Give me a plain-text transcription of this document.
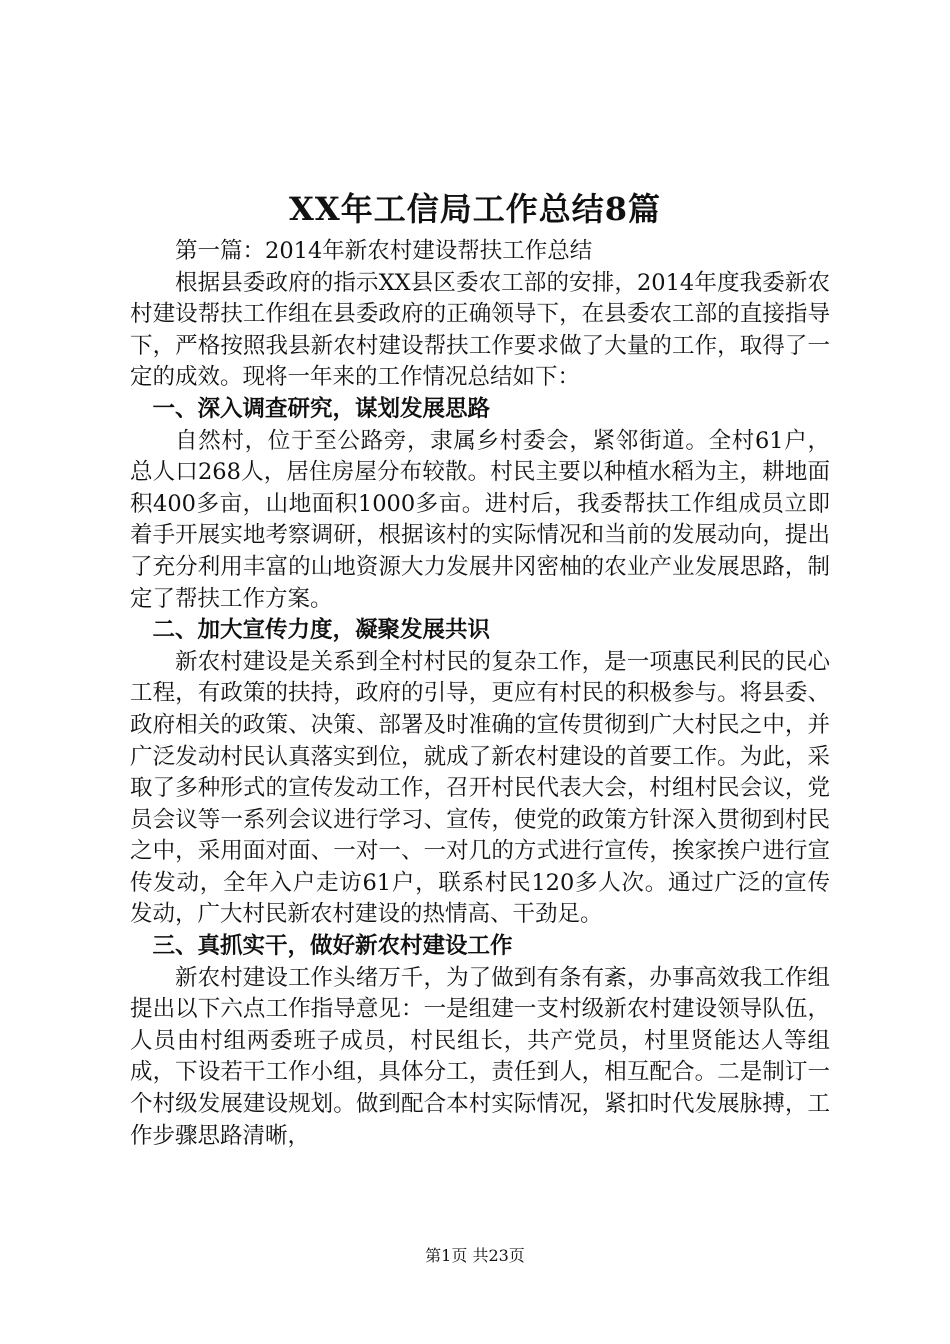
XX年工信局工作总结8篇

第一篇：2014年新农村建设帮扶工作总结

根据县委政府的指示XX县区委农工部的安排，2014年度我委新农村建设帮扶工作组在县委政府的正确领导下，在县委农工部的直接指导下，严格按照我县新农村建设帮扶工作要求做了大量的工作，取得了一定的成效。现将一年来的工作情况总结如下：

一、深入调查研究，谋划发展思路

自然村，位于至公路旁，隶属乡村委会，紧邻街道。全村61户，总人口268人，居住房屋分布较散。村民主要以种植水稻为主，耕地面积400多亩，山地面积1000多亩。进村后，我委帮扶工作组成员立即着手开展实地考察调研，根据该村的实际情况和当前的发展动向，提出了充分利用丰富的山地资源大力发展井冈密柚的农业产业发展思路，制定了帮扶工作方案。

二、加大宣传力度，凝聚发展共识

新农村建设是关系到全村村民的复杂工作，是一项惠民利民的民心工程，有政策的扶持，政府的引导，更应有村民的积极参与。将县委、政府相关的政策、决策、部署及时准确的宣传贯彻到广大村民之中，并广泛发动村民认真落实到位，就成了新农村建设的首要工作。为此，采取了多种形式的宣传发动工作，召开村民代表大会，村组村民会议，党员会议等一系列会议进行学习、宣传，使党的政策方针深入贯彻到村民之中，采用面对面、一对一、一对几的方式进行宣传，挨家挨户进行宣传发动，全年入户走访61户，联系村民120多人次。通过广泛的宣传发动，广大村民新农村建设的热情高、干劲足。

三、真抓实干，做好新农村建设工作

新农村建设工作头绪万千，为了做到有条有紊，办事高效我工作组提出以下六点工作指导意见：一是组建一支村级新农村建设领导队伍，人员由村组两委班子成员，村民组长，共产党员，村里贤能达人等组成，下设若干工作小组，具体分工，责任到人，相互配合。二是制订一个村级发展建设规划。做到配合本村实际情况，紧扣时代发展脉搏，工作步骤思路清晰，

第1页 共23页
